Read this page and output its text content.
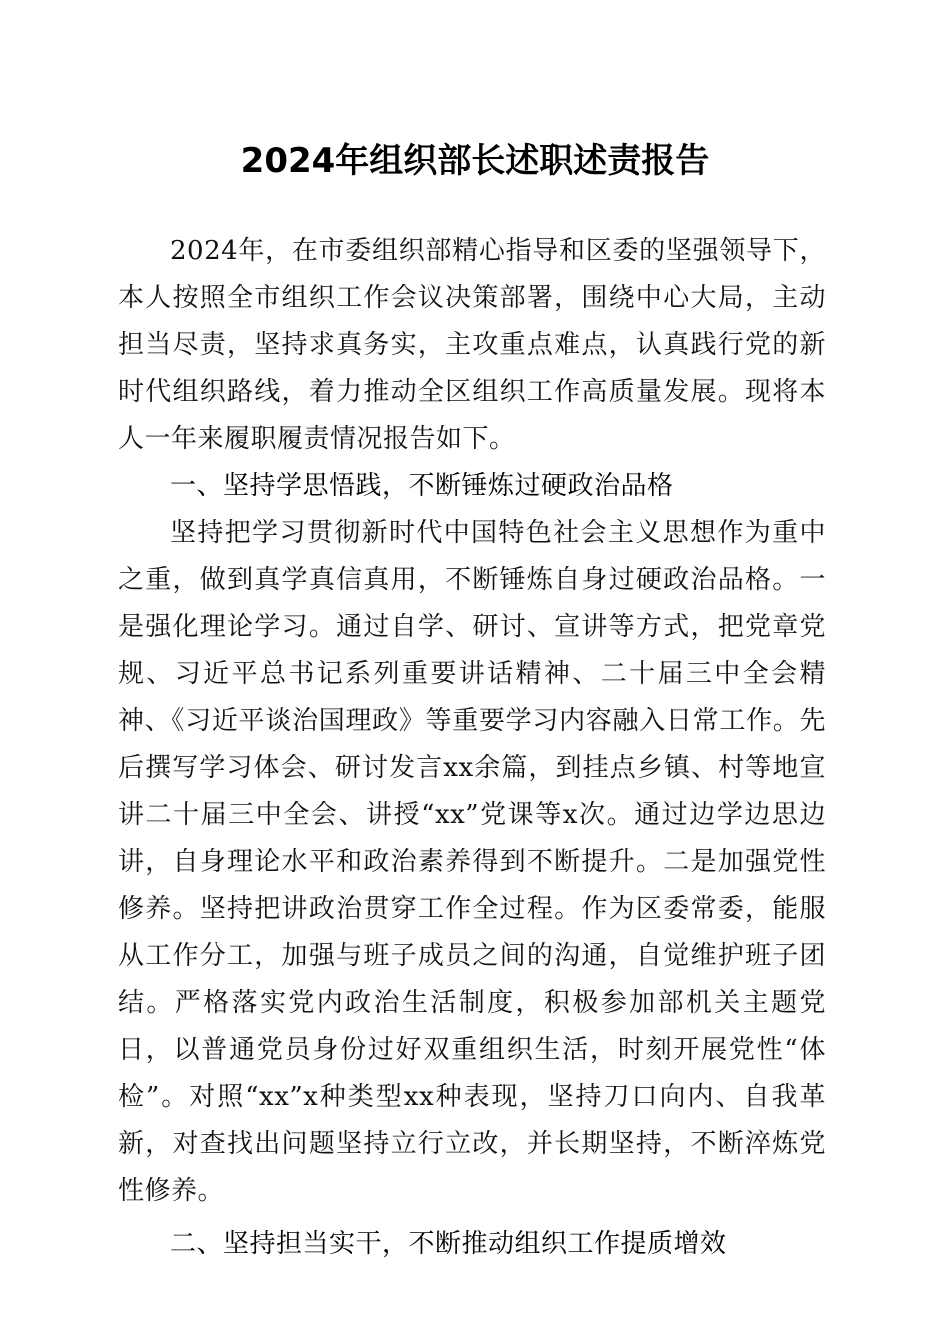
2024年组织部长述职述责报告

2024年，在市委组织部精心指导和区委的坚强领导下，本人按照全市组织工作会议决策部署，围绕中心大局，主动担当尽责，坚持求真务实，主攻重点难点，认真践行党的新时代组织路线，着力推动全区组织工作高质量发展。现将本人一年来履职履责情况报告如下。

一、坚持学思悟践，不断锤炼过硬政治品格

坚持把学习贯彻新时代中国特色社会主义思想作为重中之重，做到真学真信真用，不断锤炼自身过硬政治品格。一是强化理论学习。通过自学、研讨、宣讲等方式，把党章党规、习近平总书记系列重要讲话精神、二十届三中全会精神、《习近平谈治国理政》等重要学习内容融入日常工作。先后撰写学习体会、研讨发言xx余篇，到挂点乡镇、村等地宣讲二十届三中全会、讲授“xx”党课等x次。通过边学边思边讲，自身理论水平和政治素养得到不断提升。二是加强党性修养。坚持把讲政治贯穿工作全过程。作为区委常委，能服从工作分工，加强与班子成员之间的沟通，自觉维护班子团结。严格落实党内政治生活制度，积极参加部机关主题党日，以普通党员身份过好双重组织生活，时刻开展党性“体检”。对照“xx”x种类型xx种表现，坚持刀口向内、自我革新，对查找出问题坚持立行立改，并长期坚持，不断淬炼党性修养。

二、坚持担当实干，不断推动组织工作提质增效
